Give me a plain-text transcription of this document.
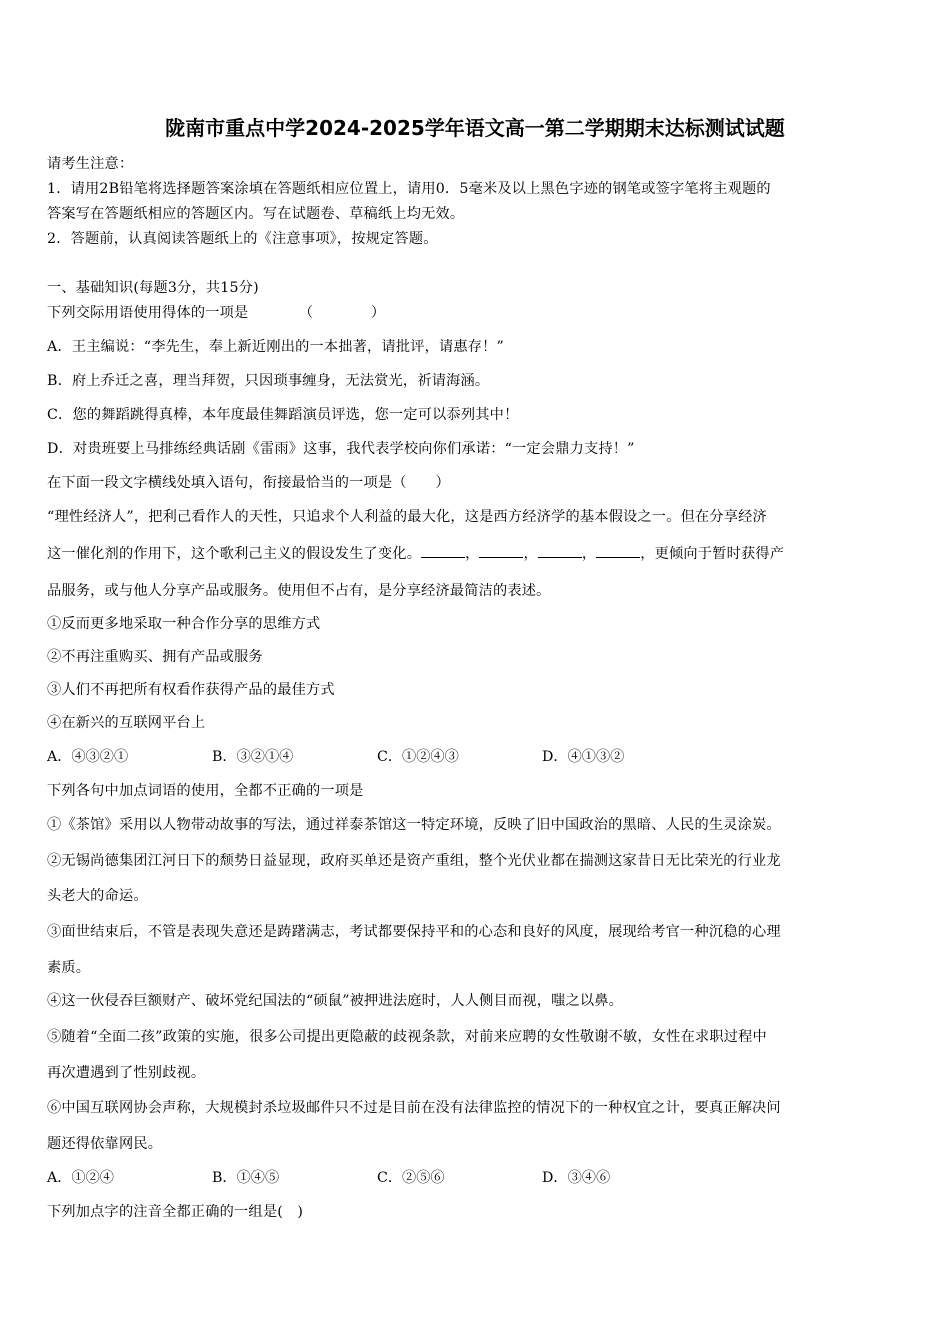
陇南市重点中学2024-2025学年语文高一第二学期期末达标测试试题
请考生注意：
1．请用2B铅笔将选择题答案涂填在答题纸相应位置上，请用0．5毫米及以上黑色字迹的钢笔或签字笔将主观题的
答案写在答题纸相应的答题区内。写在试题卷、草稿纸上均无效。
2．答题前，认真阅读答题纸上的《注意事项》，按规定答题。
一、基础知识(每题3分，共15分)
下列交际用语使用得体的一项是　　　　（　　　　）
A．王主编说：“李先生，奉上新近刚出的一本拙著，请批评，请惠存！”
B．府上乔迁之喜，理当拜贺，只因琐事缠身，无法赏光，祈请海涵。
C．您的舞蹈跳得真棒，本年度最佳舞蹈演员评选，您一定可以忝列其中！
D．对贵班要上马排练经典话剧《雷雨》这事，我代表学校向你们承诺：“一定会鼎力支持！”
在下面一段文字横线处填入语句，衔接最恰当的一项是（　　）
“理性经济人”，把利己看作人的天性，只追求个人利益的最大化，这是西方经济学的基本假设之一。但在分享经济
这一催化剂的作用下，这个歌利己主义的假设发生了变化。	，	，	，	，更倾向于暂时获得产
品服务，或与他人分享产品或服务。使用但不占有，是分享经济最简洁的表述。
①反而更多地采取一种合作分享的思维方式
②不再注重购买、拥有产品或服务
③人们不再把所有权看作获得产品的最佳方式
④在新兴的互联网平台上
A．④③②①	B．③②①④	C．①②④③	D．④①③②
下列各句中加点词语的使用，全都不正确的一项是
①《茶馆》采用以人物带动故事的写法，通过祥泰茶馆这一特定环境，反映了旧中国政治的黑暗、人民的生灵涂炭。
②无锡尚德集团江河日下的颓势日益显现，政府买单还是资产重组，整个光伏业都在揣测这家昔日无比荣光的行业龙
头老大的命运。
③面世结束后，不管是表现失意还是踌躇满志，考试都要保持平和的心态和良好的风度，展现给考官一种沉稳的心理
素质。
④这一伙侵吞巨额财产、破坏党纪国法的“硕鼠”被押进法庭时，人人侧目而视，嗤之以鼻。
⑤随着“全面二孩”政策的实施，很多公司提出更隐蔽的歧视条款，对前来应聘的女性敬谢不敏，女性在求职过程中
再次遭遇到了性别歧视。
⑥中国互联网协会声称，大规模封杀垃圾邮件只不过是目前在没有法律监控的情况下的一种权宜之计，要真正解决问
题还得依靠网民。
A．①②④	B．①④⑤	C．②⑤⑥	D．③④⑥
下列加点字的注音全都正确的一组是(　)
